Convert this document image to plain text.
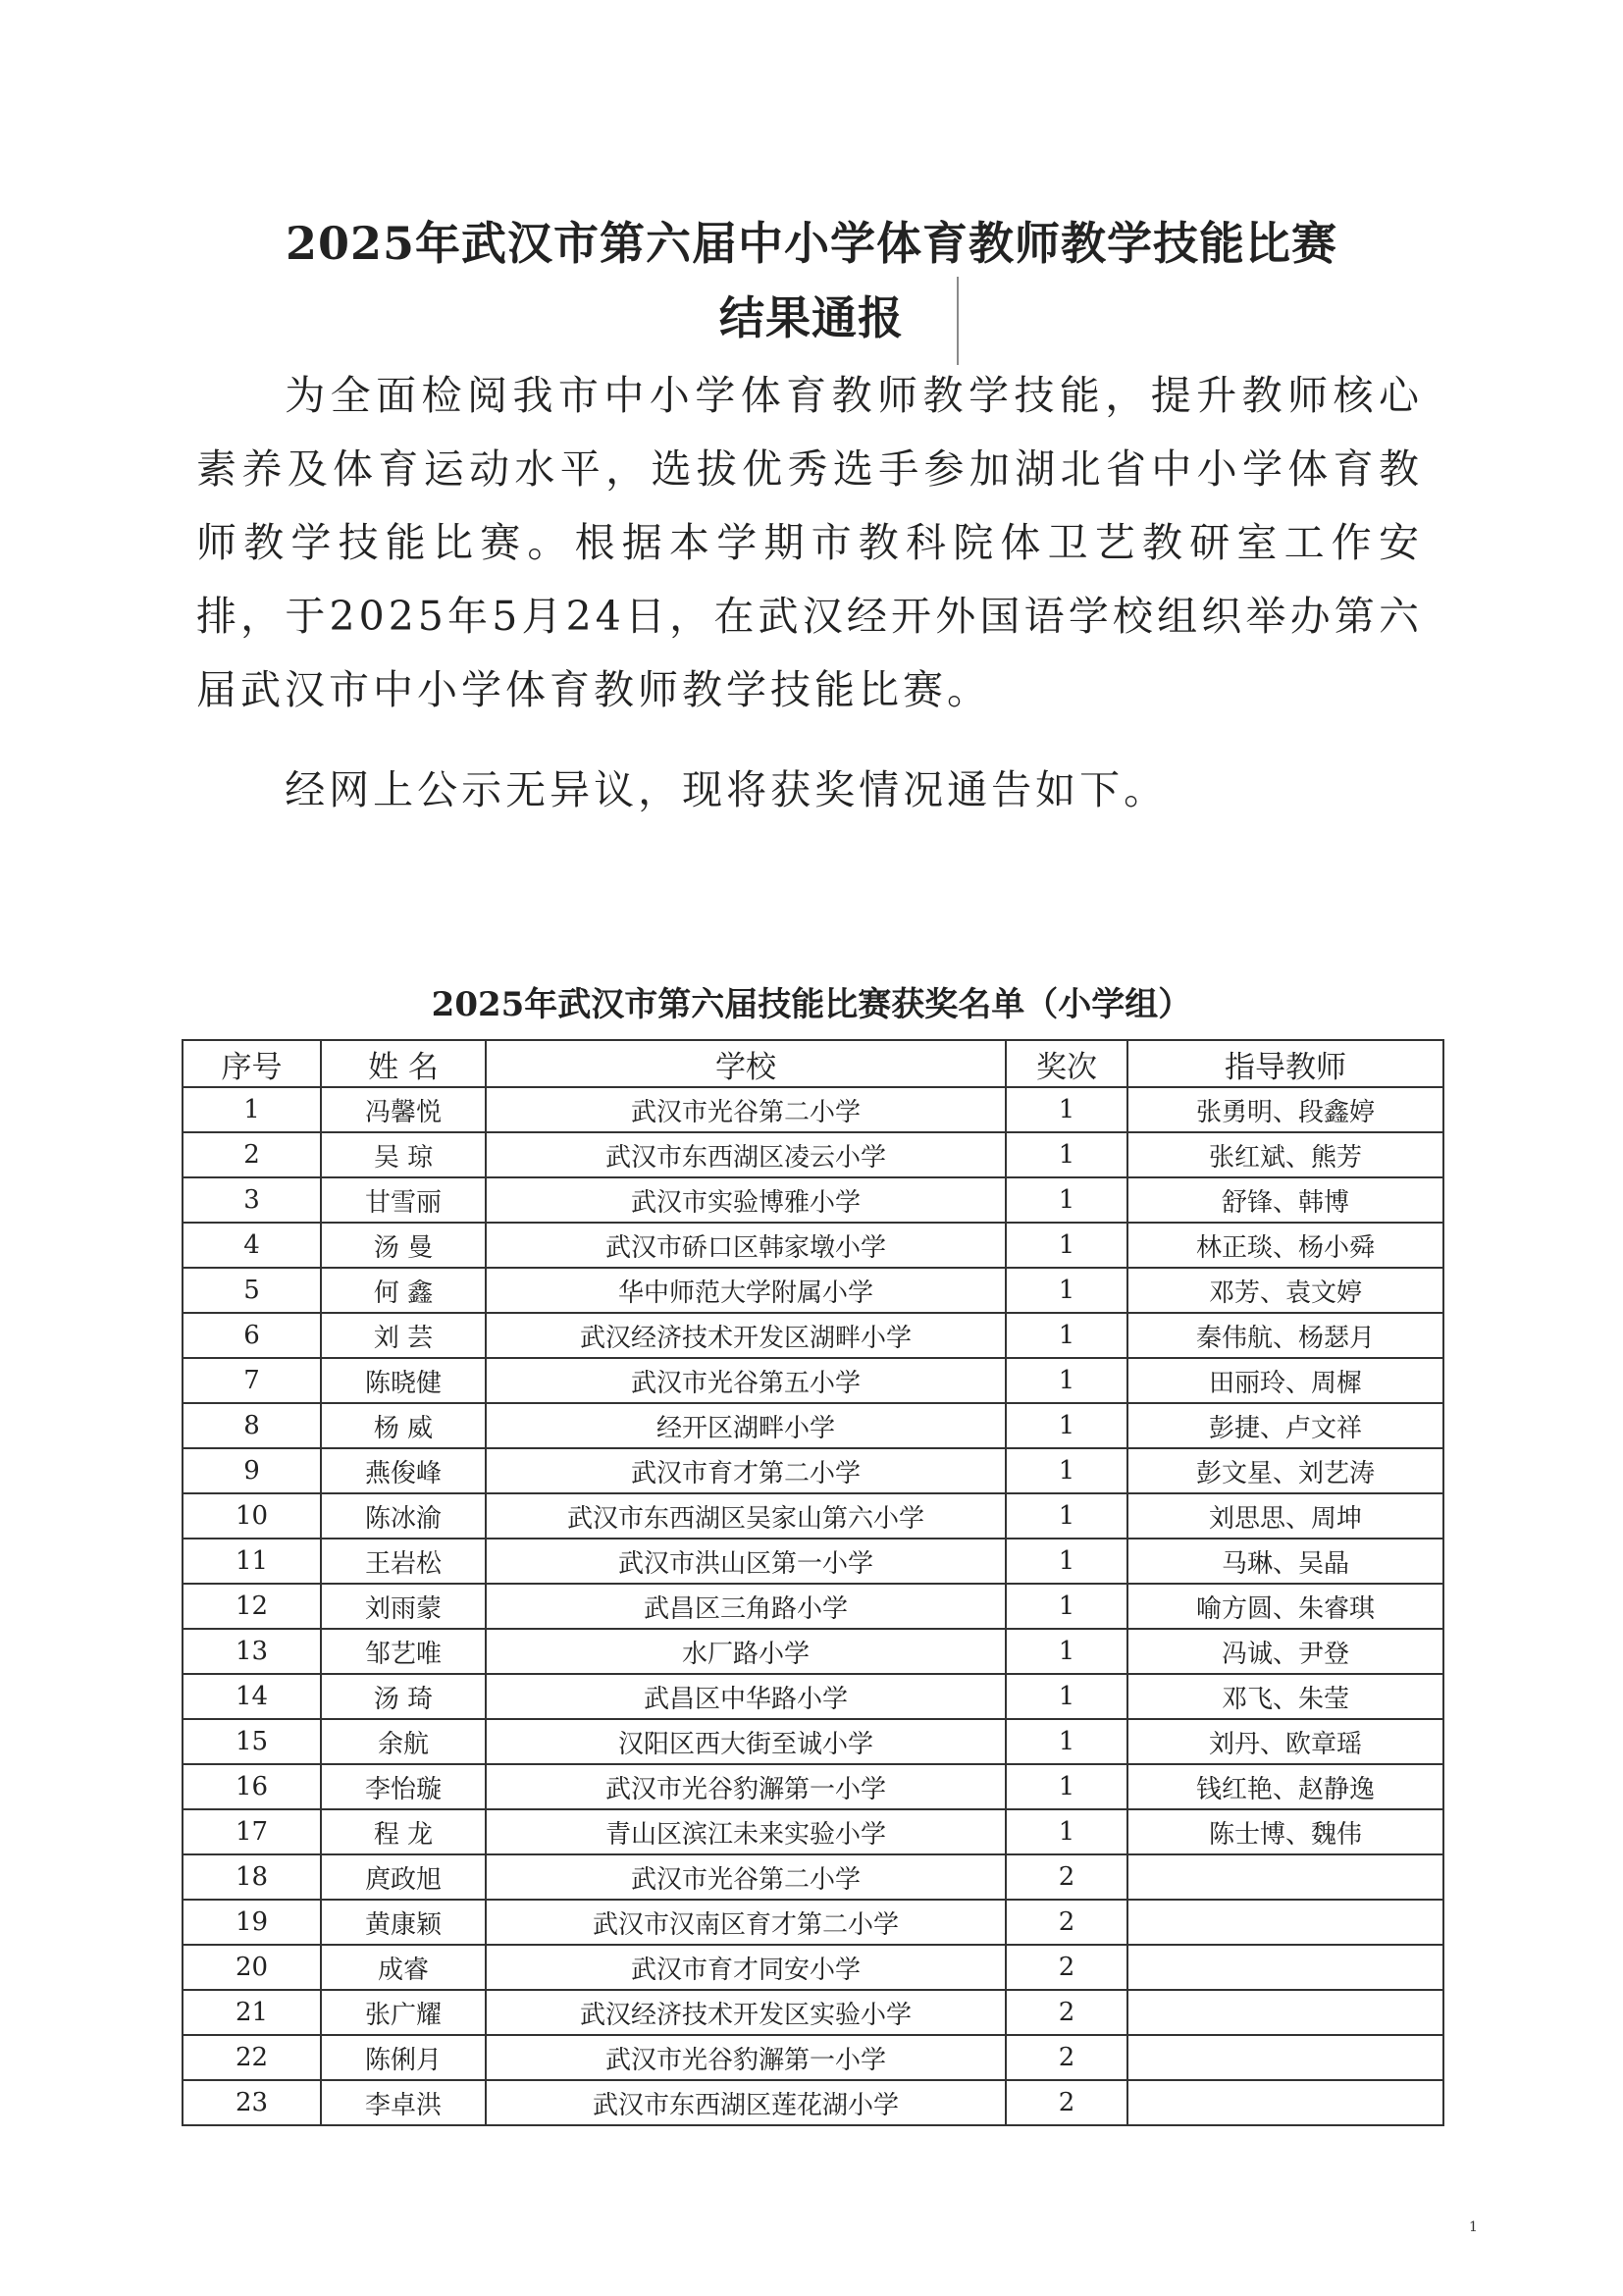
2025年武汉市第六届中小学体育教师教学技能比赛
结果通报

为全面检阅我市中小学体育教师教学技能，提升教师核心素养及体育运动水平，选拔优秀选手参加湖北省中小学体育教师教学技能比赛。根据本学期市教科院体卫艺教研室工作安排，于2025年5月24日，在武汉经开外国语学校组织举办第六届武汉市中小学体育教师教学技能比赛。

经网上公示无异议，现将获奖情况通告如下。

2025年武汉市第六届技能比赛获奖名单（小学组）
序号	姓 名	学校	奖次	指导教师
1	冯馨悦	武汉市光谷第二小学	1	张勇明、段鑫婷
2	吴 琼	武汉市东西湖区凌云小学	1	张红斌、熊芳
3	甘雪丽	武汉市实验博雅小学	1	舒锋、韩博
4	汤 曼	武汉市硚口区韩家墩小学	1	林正琰、杨小舜
5	何 鑫	华中师范大学附属小学	1	邓芳、袁文婷
6	刘 芸	武汉经济技术开发区湖畔小学	1	秦伟航、杨瑟月
7	陈晓健	武汉市光谷第五小学	1	田丽玲、周樨
8	杨 威	经开区湖畔小学	1	彭捷、卢文祥
9	燕俊峰	武汉市育才第二小学	1	彭文星、刘艺涛
10	陈冰渝	武汉市东西湖区吴家山第六小学	1	刘思思、周坤
11	王岩松	武汉市洪山区第一小学	1	马琳、吴晶
12	刘雨蒙	武昌区三角路小学	1	喻方圆、朱睿琪
13	邹艺唯	水厂路小学	1	冯诚、尹登
14	汤 琦	武昌区中华路小学	1	邓飞、朱莹
15	余航	汉阳区西大街至诚小学	1	刘丹、欧章瑶
16	李怡璇	武汉市光谷豹澥第一小学	1	钱红艳、赵静逸
17	程 龙	青山区滨江未来实验小学	1	陈士博、魏伟
18	庹政旭	武汉市光谷第二小学	2	
19	黄康颖	武汉市汉南区育才第二小学	2	
20	成睿	武汉市育才同安小学	2	
21	张广耀	武汉经济技术开发区实验小学	2	
22	陈俐月	武汉市光谷豹澥第一小学	2	
23	李卓洪	武汉市东西湖区莲花湖小学	2	
1
